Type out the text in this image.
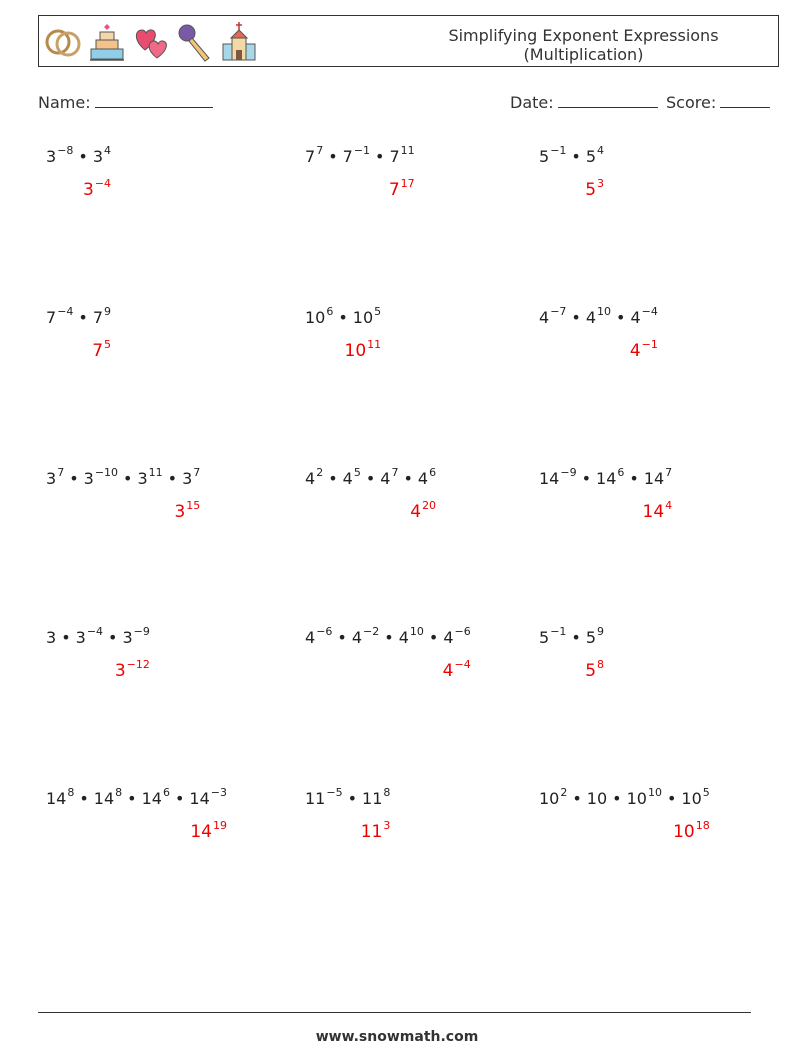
Simplifying Exponent Expressions
(Multiplication)
Name:	Date:	Score:
$3^{-8}$ • $3^4$
$3^{-4}$
$7^7$ • $7^{-1}$ • $7^{11}$
$7^{17}$
$5^{-1}$ • $5^4$
$5^3$
$7^{-4}$ • $7^9$
$7^5$
$10^6$ • $10^5$
$10^{11}$
$4^{-7}$ • $4^{10}$ • $4^{-4}$
$4^{-1}$
$3^7$ • $3^{-10}$ • $3^{11}$ • $3^7$
$3^{15}$
$4^2$ • $4^5$ • $4^7$ • $4^6$
$4^{20}$
$14^{-9}$ • $14^6$ • $14^7$
$14^4$
3 • $3^{-4}$ • $3^{-9}$
$3^{-12}$
$4^{-6}$ • $4^{-2}$ • $4^{10}$ • $4^{-6}$
$4^{-4}$
$5^{-1}$ • $5^9$
$5^8$
$14^8$ • $14^8$ • $14^6$ • $14^{-3}$
$14^{19}$
$11^{-5}$ • $11^8$
$11^3$
$10^2$ • 10 • $10^{10}$ • $10^5$
$10^{18}$
www.snowmath.com
